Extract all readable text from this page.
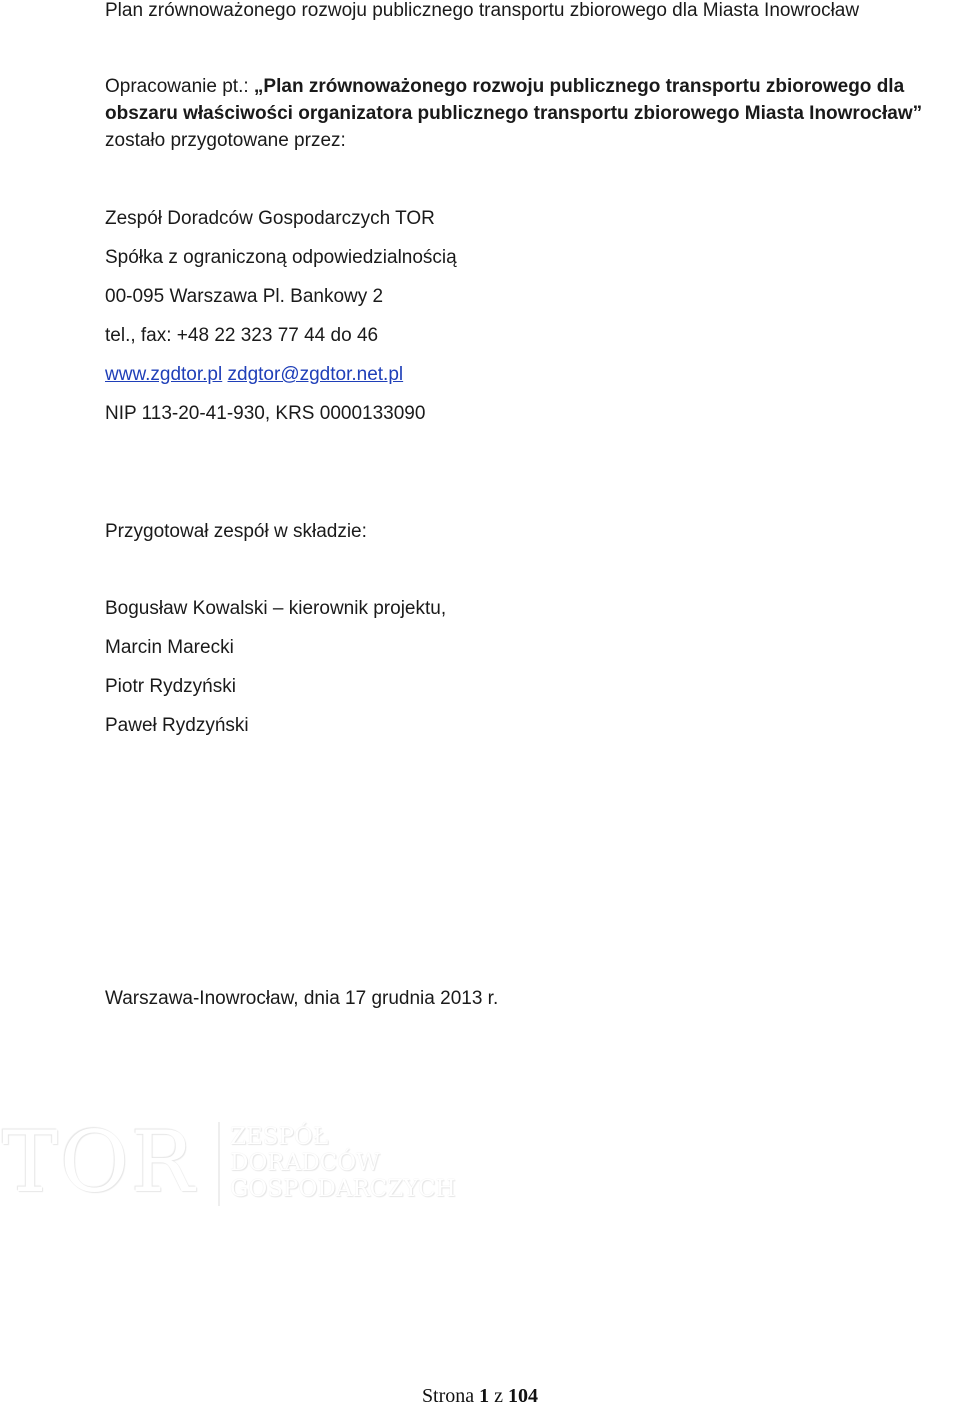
Plan zrównoważonego rozwoju publicznego transportu zbiorowego dla Miasta Inowrocław
Opracowanie pt.: „Plan zrównoważonego rozwoju publicznego transportu zbiorowego dla
obszaru właściwości organizatora publicznego transportu zbiorowego Miasta Inowrocław”
zostało przygotowane przez:
Zespół Doradców Gospodarczych TOR
Spółka z ograniczoną odpowiedzialnością
00-095 Warszawa Pl. Bankowy 2
tel., fax: +48 22 323 77 44 do 46
www.zgdtor.pl zdgtor@zgdtor.net.pl
NIP 113-20-41-930, KRS 0000133090
Przygotował zespół w składzie:
Bogusław Kowalski – kierownik projektu,
Marcin Marecki
Piotr Rydzyński
Paweł Rydzyński
Warszawa-Inowrocław, dnia 17 grudnia 2013 r.
TOR ZESPÓŁ
DORADCÓW
GOSPODARCZYCH
Strona 1 z 104
